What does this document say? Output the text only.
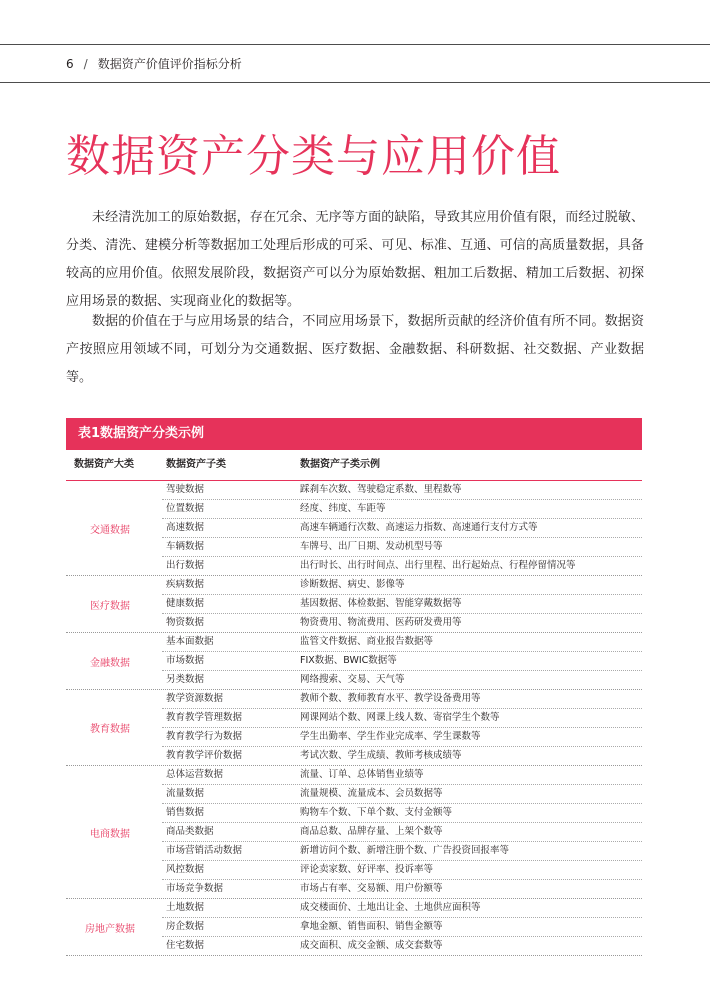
6 / 数据资产价值评价指标分析
数据资产分类与应用价值

未经清洗加工的原始数据，存在冗余、无序等方面的缺陷，导致其应用价值有限，而经过脱敏、分类、清洗、建模分析等数据加工处理后形成的可采、可见、标准、互通、可信的高质量数据，具备较高的应用价值。依照发展阶段，数据资产可以分为原始数据、粗加工后数据、精加工后数据、初探应用场景的数据、实现商业化的数据等。

数据的价值在于与应用场景的结合，不同应用场景下，数据所贡献的经济价值有所不同。数据资产按照应用领域不同，可划分为交通数据、医疗数据、金融数据、科研数据、社交数据、产业数据等。

表1数据资产分类示例
数据资产大类	数据资产子类	数据资产子类示例
交通数据
驾驶数据	踩刹车次数、驾驶稳定系数、里程数等
位置数据	经度、纬度、车距等
高速数据	高速车辆通行次数、高速运力指数、高速通行支付方式等
车辆数据	车牌号、出厂日期、发动机型号等
出行数据	出行时长、出行时间点、出行里程、出行起始点、行程停留情况等
医疗数据
疾病数据	诊断数据、病史、影像等
健康数据	基因数据、体检数据、智能穿戴数据等
物资数据	物资费用、物流费用、医药研发费用等
金融数据
基本面数据	监管文件数据、商业报告数据等
市场数据	FIX数据、BWIC数据等
另类数据	网络搜索、交易、天气等
教育数据
教学资源数据	教师个数、教师教育水平、教学设备费用等
教育教学管理数据	网课网站个数、网课上线人数、寄宿学生个数等
教育教学行为数据	学生出勤率、学生作业完成率、学生课数等
教育教学评价数据	考试次数、学生成绩、教师考核成绩等
电商数据
总体运营数据	流量、订单、总体销售业绩等
流量数据	流量规模、流量成本、会员数据等
销售数据	购物车个数、下单个数、支付金额等
商品类数据	商品总数、品牌存量、上架个数等
市场营销活动数据	新增访问个数、新增注册个数、广告投资回报率等
风控数据	评论卖家数、好评率、投诉率等
市场竞争数据	市场占有率、交易额、用户份额等
房地产数据
土地数据	成交楼面价、土地出让金、土地供应面积等
房企数据	拿地金额、销售面积、销售金额等
住宅数据	成交面积、成交金额、成交套数等
